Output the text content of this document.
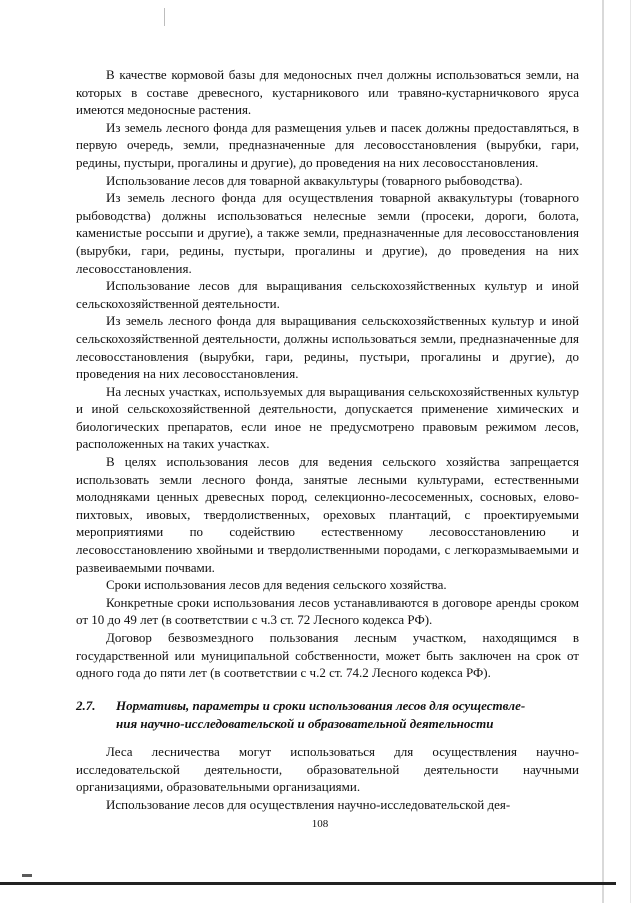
В качестве кормовой базы для медоносных пчел должны использоваться земли, на которых в составе древесного, кустарникового или травяно-кустарничкового яруса имеются медоносные растения.

Из земель лесного фонда для размещения ульев и пасек должны предоставляться, в первую очередь, земли, предназначенные для лесовосстановления (вырубки, гари, редины, пустыри, прогалины и другие), до проведения на них лесовосстановления.

Использование лесов для товарной аквакультуры (товарного рыбоводства).

Из земель лесного фонда для осуществления товарной аквакультуры (товарного рыбоводства) должны использоваться нелесные земли (просеки, дороги, болота, каменистые россыпи и другие), а также земли, предназначенные для лесовосстановления (вырубки, гари, редины, пустыри, прогалины и другие), до проведения на них лесовосстановления.

Использование лесов для выращивания сельскохозяйственных культур и иной сельскохозяйственной деятельности.

Из земель лесного фонда для выращивания сельскохозяйственных культур и иной сельскохозяйственной деятельности, должны использоваться земли, предназначенные для лесовосстановления (вырубки, гари, редины, пустыри, прогалины и другие), до проведения на них лесовосстановления.

На лесных участках, используемых для выращивания сельскохозяйственных культур и иной сельскохозяйственной деятельности, допускается применение химических и биологических препаратов, если иное не предусмотрено правовым режимом лесов, расположенных на таких участках.

В целях использования лесов для ведения сельского хозяйства запрещается использовать земли лесного фонда, занятые лесными культурами, естественными молодняками ценных древесных пород, селекционно-лесосеменных, сосновых, елово-пихтовых, ивовых, твердолиственных, ореховых плантаций, с проектируемыми мероприятиями по содействию естественному лесовосстановлению и лесовосстановлению хвойными и твердолиственными породами, с легкоразмываемыми и развеиваемыми почвами.

Сроки использования лесов для ведения сельского хозяйства.

Конкретные сроки использования лесов устанавливаются в договоре аренды сроком от 10 до 49 лет (в соответствии с ч.3 ст. 72 Лесного кодекса РФ).

Договор безвозмездного пользования лесным участком, находящимся в государственной или муниципальной собственности, может быть заключен на срок от одного года до пяти лет (в соответствии с ч.2 ст. 74.2 Лесного кодекса РФ).

2.7. Нормативы, параметры и сроки использования лесов для осуществле-
ния научно-исследовательской и образовательной деятельности

Леса лесничества могут использоваться для осуществления научно-исследовательской деятельности, образовательной деятельности научными организациями, образовательными организациями.

Использование лесов для осуществления научно-исследовательской дея-

108
